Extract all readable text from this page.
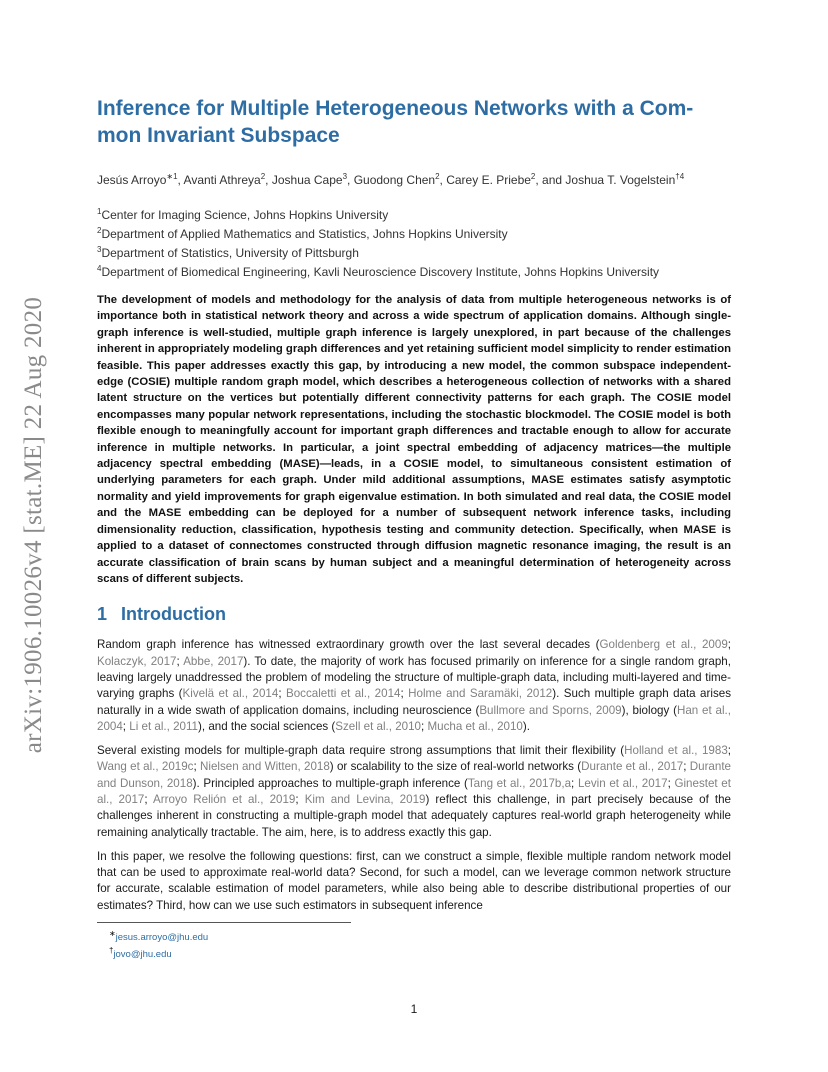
arXiv:1906.10026v4 [stat.ME] 22 Aug 2020
Inference for Multiple Heterogeneous Networks with a Com-mon Invariant Subspace
Jesús Arroyo$^{∗1}$, Avanti Athreya$^2$, Joshua Cape$^3$, Guodong Chen$^2$, Carey E. Priebe$^2$, and Joshua T. Vogelstein$^{\dagger 4}$
$^1$Center for Imaging Science, Johns Hopkins University
$^2$Department of Applied Mathematics and Statistics, Johns Hopkins University
$^3$Department of Statistics, University of Pittsburgh
$^4$Department of Biomedical Engineering, Kavli Neuroscience Discovery Institute, Johns Hopkins University
The development of models and methodology for the analysis of data from multiple heterogeneous networks is of importance both in statistical network theory and across a wide spectrum of application domains. Although single-graph inference is well-studied, multiple graph inference is largely unexplored, in part because of the challenges inherent in appropriately modeling graph differences and yet retaining sufficient model simplicity to render estimation feasible. This paper addresses exactly this gap, by introducing a new model, the common subspace independent-edge (COSIE) multiple random graph model, which describes a heterogeneous collection of networks with a shared latent structure on the vertices but potentially different connectivity patterns for each graph. The COSIE model encompasses many popular network representations, including the stochastic blockmodel. The COSIE model is both flexible enough to meaningfully account for important graph differences and tractable enough to allow for accurate inference in multiple networks. In particular, a joint spectral embedding of adjacency matrices—the multiple adjacency spectral embedding (MASE)—leads, in a COSIE model, to simultaneous consistent estimation of underlying parameters for each graph. Under mild additional assumptions, MASE estimates satisfy asymptotic normality and yield improvements for graph eigenvalue estimation. In both simulated and real data, the COSIE model and the MASE embedding can be deployed for a number of subsequent network inference tasks, including dimensionality reduction, classification, hypothesis testing and community detection. Specifically, when MASE is applied to a dataset of connectomes constructed through diffusion magnetic resonance imaging, the result is an accurate classification of brain scans by human subject and a meaningful determination of heterogeneity across scans of different subjects.
1 Introduction

Random graph inference has witnessed extraordinary growth over the last several decades (Goldenberg et al., 2009; Kolaczyk, 2017; Abbe, 2017). To date, the majority of work has focused primarily on inference for a single random graph, leaving largely unaddressed the problem of modeling the structure of multiple-graph data, including multi-layered and time-varying graphs (Kivelä et al., 2014; Boccaletti et al., 2014; Holme and Saramäki, 2012). Such multiple graph data arises naturally in a wide swath of application domains, including neuroscience (Bullmore and Sporns, 2009), biology (Han et al., 2004; Li et al., 2011), and the social sciences (Szell et al., 2010; Mucha et al., 2010).

Several existing models for multiple-graph data require strong assumptions that limit their flexibility (Holland et al., 1983; Wang et al., 2019c; Nielsen and Witten, 2018) or scalability to the size of real-world networks (Durante et al., 2017; Durante and Dunson, 2018). Principled approaches to multiple-graph inference (Tang et al., 2017b,a; Levin et al., 2017; Ginestet et al., 2017; Arroyo Relión et al., 2019; Kim and Levina, 2019) reflect this challenge, in part precisely because of the challenges inherent in constructing a multiple-graph model that adequately captures real-world graph heterogeneity while remaining analytically tractable. The aim, here, is to address exactly this gap.

In this paper, we resolve the following questions: first, can we construct a simple, flexible multiple random network model that can be used to approximate real-world data? Second, for such a model, can we leverage common network structure for accurate, scalable estimation of model parameters, while also being able to describe distributional properties of our estimates? Third, how can we use such estimators in subsequent inference

∗jesus.arroyo@jhu.edu
†jovo@jhu.edu
1
